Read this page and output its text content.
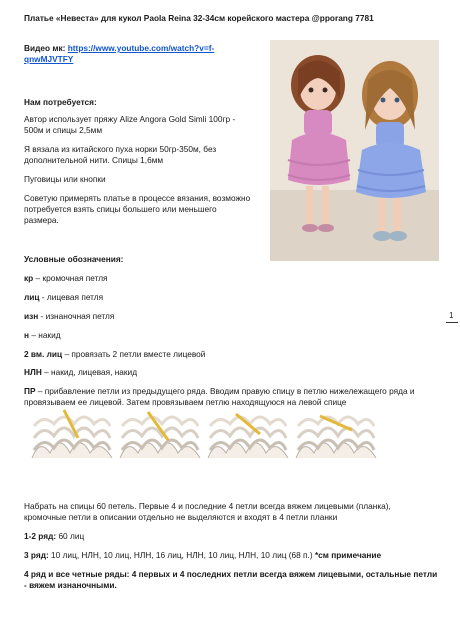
Платье «Невеста» для кукол Paola Reina 32-34см корейского мастера @pporang 7781
Видео мк: https://www.youtube.com/watch?v=f-
qnwMJVTFY
Нам потребуется:
Автор использует пряжу Alize Angora Gold Simli 100гр -
500м и спицы 2,5мм
Я вязала из китайского пуха норки 50гр-350м, без
дополнительной нити. Спицы 1,6мм
Пуговицы или кнопки
Советую примерять платье в процессе вязания, возможно
потребуется взять спицы большего или меньшего
размера.
Условные обозначения:
кр – кромочная петля
лиц - лицевая петля
изн - изнаночная петля
н – накид
2 вм. лиц – провязать 2 петли вместе лицевой
НЛН – накид, лицевая, накид
ПР – прибавление петли из предыдущего ряда. Вводим правую спицу в петлю нижележащего ряда и
провязываем ее лицевой. Затем провязываем петлю находящуюся на левой спице
Набрать на спицы 60 петель. Первые 4 и последние 4 петли всегда вяжем лицевыми (планка),
кромочные петли в описании отдельно не выделяются и входят в 4 петли планки
1-2 ряд: 60 лиц
3 ряд: 10 лиц, НЛН, 10 лиц, НЛН, 16 лиц, НЛН, 10 лиц, НЛН, 10 лиц (68 п.) *см примечание
4 ряд и все четные ряды: 4 первых и 4 последних петли всегда вяжем лицевыми, остальные петли
- вяжем изнаночными.
1
